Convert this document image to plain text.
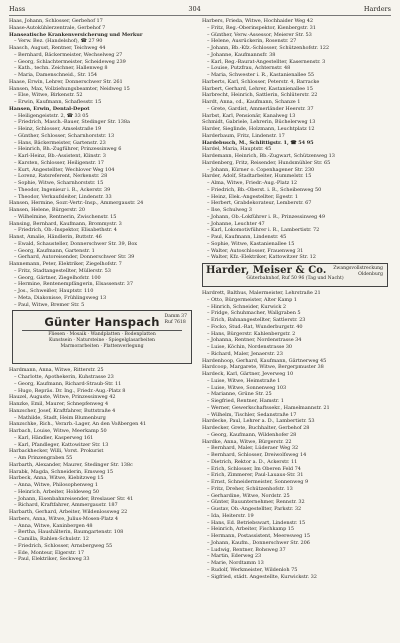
Hass	304	Harders
Haas, Johann, Schlosser, Gerbehof 17
Haase-Autokühlerzentrale, Gerbehof 7
Hanseatische Krankenversicherung und Merkur
– Verw. Bez. (Handelshof), ☎ 27 90
Haasch, August, Rentner, Teichweg 44
– Bernhard, Bäckermeister, Wechselweg 27
– Georg, Schlachtermeister, Scheideweg 239
– Kath., techn. Zeichner, Hallenweg 8
– Maria, Damenschneid., Str. 154
Haase, Erwin, Lehrer, Donnerschwer Str. 261
Hansen, Max, Vollziehungsbeamter, Neidweg 15
– Else, Witwe, Birkenstr. 52
– Erwin, Kaufmann, Schaflesstr. 15
Hansen, Erwin, Dental-Depot
– Heiligengeiststr. 2, ☎ 33 05
– Friedrich, Masch.-Bauer, Stedinger Str. 138a
– Heinz, Schlosser, Amselstraße 19
– Günther, Schlosser, Scharnhorststr. 13
– Hans, Bäckermeister, Gartenstr. 23
– Heinrich, Bh.-Zugführer, Prinzessinweg 6
– Karl-Heinz, Bb.-Assistent, Klinstr. 3
– Karsten, Schlosser, Heiligenstr. 17
– Kurt, Angestellter, Wechlover Weg 104
– Lorenz, Ratsreferent, Nerkenstr. 28
– Sophie, Witwe, Scharnhorststr. 15
– Theodor, Ingenieur i. R., Ackerstr. 39
– Theodor, Verkaufsleiter, Lindenstr. 33
Hansen, Hermine, Sozr.-Vertr.-Insp., Ammergaustr. 24
Hansen, Helene, Bürgerstr. 20
– Wilhelmine, Rentnerin, Zwischenstr. 15
Hansing, Bernhard, Kaufmann, Brommystr. 3
– Friedrich, Ob.-Inspektor, Elisabethstr. 4
Hanst, Amalie, Händlerin, Buttstr. 46
– Ewald, Schausteller, Donnerschwer Str. 39, Box
– Georg, Kaufmann, Gartenstr. 1
– Gerhard, Autoreisender, Donnerschwer Str. 39
Hannemann, Peter, Elektriker, Ziegelhofstr. 7
– Fritz, Stadtangestellter, Müllerstr. 53
– Georg, Gärtner, Ziegelhofstr. 100
– Hermine, Rentenempfängerin, Elsassenstr. 37
– Jos., Schweißer, Hauptstr. 110
– Meta, Diakonisse, Frühlingsweg 13
– Paul, Witwe, Bremer Str. 5
Damm 37
Ruf 7618
Günter Hanspach
Fliesen · Mosaik · Wandplatten · Bodenplatten
Kunstsein · Natursteine · Spiegelglasarbeiten
Marmorarbeiten · Plattenverlegung
Hardmann, Anna, Witwe, Ritterstr. 25
– Charlotte, Apothekerin, Kuhstrasse 23
– Georg, Kaufmann, Richard-Straub-Str. 11
– Hugo, Repräs. Dr. Ing., Friedr.-Aug.-Platz 8
Hauzel, Auguste, Witwe, Prinzessinweg 42
Hanzke, Emil, Maurer, Schnepfenweg 4
Hanzscher, Josef, Kraftfahrer, Buttstraße 4
– Mathilde, Stadt, Heim Blumenburg
Hanzschke, Rich., Verarb.-Lager, An den Voßbergen 41
Harbach, Louise, Witwe, Meerkamp 50
– Karl, Händler, Kasperweg 161
– Karl, Pfandleger, Kattowitzer Str. 13
Harbackhecker, Willi, Vorst. Prokurist
– Am Prinzengraben 55
Harbarth, Alexander, Maurer, Stedinger Str. 138c
Harabk, Magda, Schneiderin, Emsweg 15
Harbeck, Anna, Witwe, Kiebitzweg 15
– Anna, Witwe, Philosophenweg 1
– Heinrich, Arbeiter, Holdeweg 50
– Johann, Eisenbahnreisender, Breslauer Str. 41
– Richard, Kraftfahrer, Ammergaustr. 187
Harbarth, Gerhard, Arbeiter, Wildenlossweg 22
Harbers, Anna, Witwe, Julius-Mosen-Platz 4
– Anna, Witwe, Kaninbergen 48
– Bertha, Haushälterin, Baumgartenstr. 108
– Camilla, Rahlen-Schulstr. 12
– Friedrich, Schlosser, Arnsbergweg 55
– Ede, Monteur, Elgerstr. 17
– Paul, Elektriker, Seckweg 33
Harbers, Frieda, Witwe, Hochhaider Weg 42
– Fritz, Reg.-Oberinspektor, Kienbergstr. 31
– Günther, Verw.-Assessor, Meierer Str. 53
– Helene, Ausrückerin, Rosenstr. 27
– Johann, Bb.-Kfz.-Schlosser, Schützenhofstr. 122
– Johanne, Kaufmannsfr. 38
– Karl, Reg.-Baurat-Angestellter, Kasernenstr. 3
– Louise, Putzfrau, Achternstr. 48
– Maria, Schwester i. R., Kastanienallee 55
Harberts, Karl, Schlosser, Peterstr. 4, Barracke
Harbert, Gerhard, Lehrer, Kastanienallee 15
Harbrecht, Heinrich, Sattlerin, Schlüterstr. 22
Hardt, Anna, cd., Kaufmann, Schanze 1
– Grete, Gardist, Ammerländer Heerstr. 37
Harbst, Karl, Pensionär, Kanalweg 13
Schmidt, Gabriele, Lehrerin, Büchelerweg 13
Harder, Sieglinde, Holzmann, Leuchtplatz 12
Harderbaum, Fritz, Lindenstr. 17
Hardebusch, M., Schlittigstr. 1, ☎ 54 95
Hardel, Maria, Hauptstr. 45
Hardemann, Heinrich, Bb.-Zugwart, Schützenweg 13
Hardenberg, Fritz, Reisender, Hundsmühler Str. 65
– Johann, Kürner o. Copenhagener Str. 230
Harder, Adolf, Stadtarbeiter, Hummelstr. 15
– Alma, Witwe, Friedr.-Aug.-Platz 12
– Friedrich, Bb.-Oberst. i. R., Scheibenweg 50
– Heinz, Elek.-Angestellter, Egestr. 1
– Herbert, Grabdekorateur, Lemberstr. 67
– Ilse, Schulweg 3
– Johann, Ob.-Lokführer i. R., Prinzessinweg 49
– Johanne, Leuchter 47
– Karl, Lokomotivführer i. R., Lambertistr. 72
– Paul, Kaufmann, Lindenstr. 45
– Sophie, Witwe, Kastanienallee 15
– Walter, Autoschlosser, Frauenweg 31
– Walter, Kfz.-Elektriker, Kattowitzer Str. 12
Zwangsvollstreckung
Oldenburg
Harder, Meiser & Co.
Güterbahnhof, Ruf 50 96 (Tag und Nacht)
Hardrett, Balthus, Malermeister, Lehrstraße 21
– Otto, Bürgermeister, Alter Kamp 1
– Hinrich, Schneider, Kurwick 2
– Fridge, Schuhmacher, Wallgraben 5
– Erich, Bahnangestellter, Sattlerstr. 23
– Focko, Stud.-Rat, Wunderburgstr. 40
– Hans, Bürgerstr. Kahlenbergstr. 2
– Johanna, Rentner, Nordenstrasse 34
– Luise, Köchin, Nordenstrasse 30
– Richard, Maler, Jenaerstr. 23
Hardenhoop, Gerhard, Kaufmann, Gärtnerweg 45
Hardcoop, Margarete, Witwe, Bergerpmuster 38
Hardeck, Karl, Gärtner, Jeverweg 10
– Luise, Witwe, Heimstraße 1
– Luise, Witwe, Sonnenweg 103
– Marianne, Grüne Str. 25
– Siegfried, Rentner, Hamstr. 1
– Werner, Gewerkschaftssekr., Hamelmannstr. 21
– Wilhelm, Tischler, Sedanstraße 17
Hardecke, Paul, Lehrer a. D., Lambertistr. 53
Hardecker, Grete, Buchhalter, Gerbehof 28
– Georg, Kaufmann, Wildenhofer 28
Hardke, Anna, Witwe, Bürgerstr. 22
– Bernhard, Maler, Lüderaer Weg 32
– Bernhard, Schlosser, Dreiwolfsweg 14
– Dietrich, Rektor a. D., Ackerstr. 11
– Erich, Schlosser, Im Oberen Feld 74
– Erich, Zimmerer, Paul-Lauaus-Str. 31
– Ernst, Schneidermeister, Sonnenweg 9
– Fritz, Dreher, Schützenhofstr. 13
– Gerhardine, Witwe, Nordstr. 25
– Günter, Bauunternehmer, Rennstr. 32
– Gustav, Ob.-Angestellter, Parkstr. 32
– Ida, Heiterstr. 19
– Hans, Ed. Betriebswart, Lindenstr. 15
– Heinrich, Arbeiter, Fischkamp 15
– Hermann, Postassistent, Meeresweg 15
– Johann, Kaufm., Donnerschwer Str. 206
– Ludwig, Rentner, Bohsweg 37
– Martin, Ederweg 23
– Marie, Nordtamm 13
– Rudolf, Werkmeister, Wildenloh 75
– Sigfried, städt. Angestellte, Kurwickstr. 32
